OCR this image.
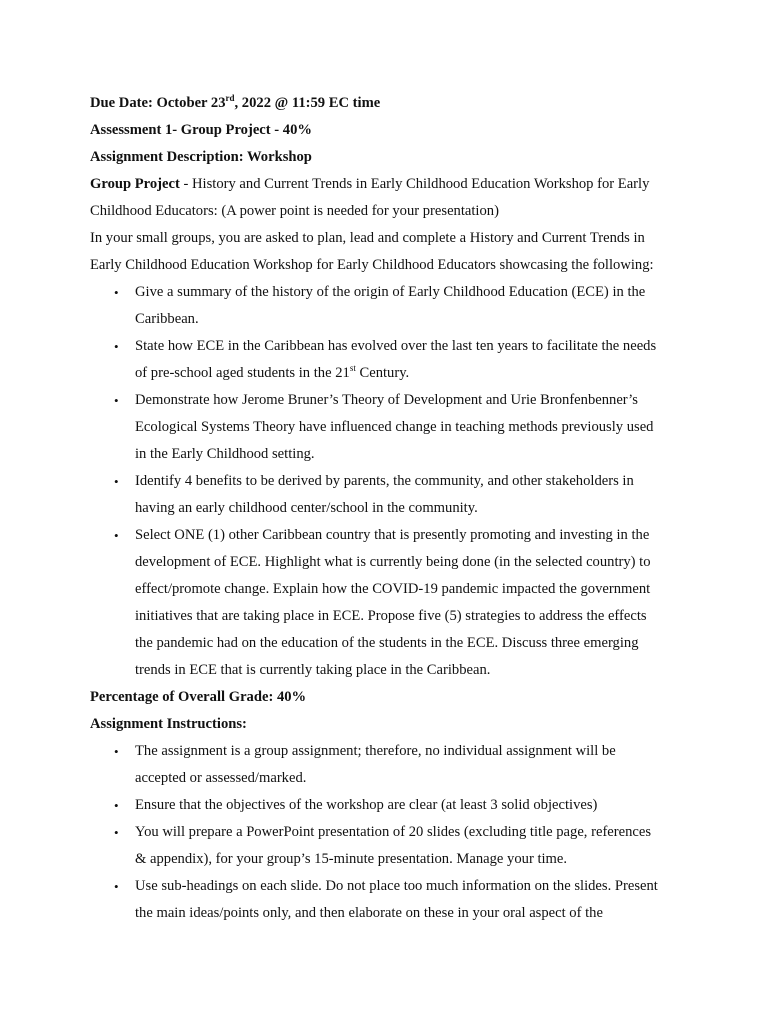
Due Date: October 23rd, 2022 @ 11:59 EC time
Assessment 1- Group Project - 40%
Assignment Description: Workshop
Group Project - History and Current Trends in Early Childhood Education Workshop for Early
Childhood Educators: (A power point is needed for your presentation)
In your small groups, you are asked to plan, lead and complete a History and Current Trends in
Early Childhood Education Workshop for Early Childhood Educators showcasing the following:
• Give a summary of the history of the origin of Early Childhood Education (ECE) in the
Caribbean.
• State how ECE in the Caribbean has evolved over the last ten years to facilitate the needs
of pre-school aged students in the 21st Century.
• Demonstrate how Jerome Bruner’s Theory of Development and Urie Bronfenbenner’s
Ecological Systems Theory have influenced change in teaching methods previously used
in the Early Childhood setting.
• Identify 4 benefits to be derived by parents, the community, and other stakeholders in
having an early childhood center/school in the community.
• Select ONE (1) other Caribbean country that is presently promoting and investing in the
development of ECE. Highlight what is currently being done (in the selected country) to
effect/promote change. Explain how the COVID-19 pandemic impacted the government
initiatives that are taking place in ECE. Propose five (5) strategies to address the effects
the pandemic had on the education of the students in the ECE. Discuss three emerging
trends in ECE that is currently taking place in the Caribbean.
Percentage of Overall Grade: 40%
Assignment Instructions:
• The assignment is a group assignment; therefore, no individual assignment will be
accepted or assessed/marked.
• Ensure that the objectives of the workshop are clear (at least 3 solid objectives)
• You will prepare a PowerPoint presentation of 20 slides (excluding title page, references
& appendix), for your group’s 15-minute presentation. Manage your time.
• Use sub-headings on each slide. Do not place too much information on the slides. Present
the main ideas/points only, and then elaborate on these in your oral aspect of the
